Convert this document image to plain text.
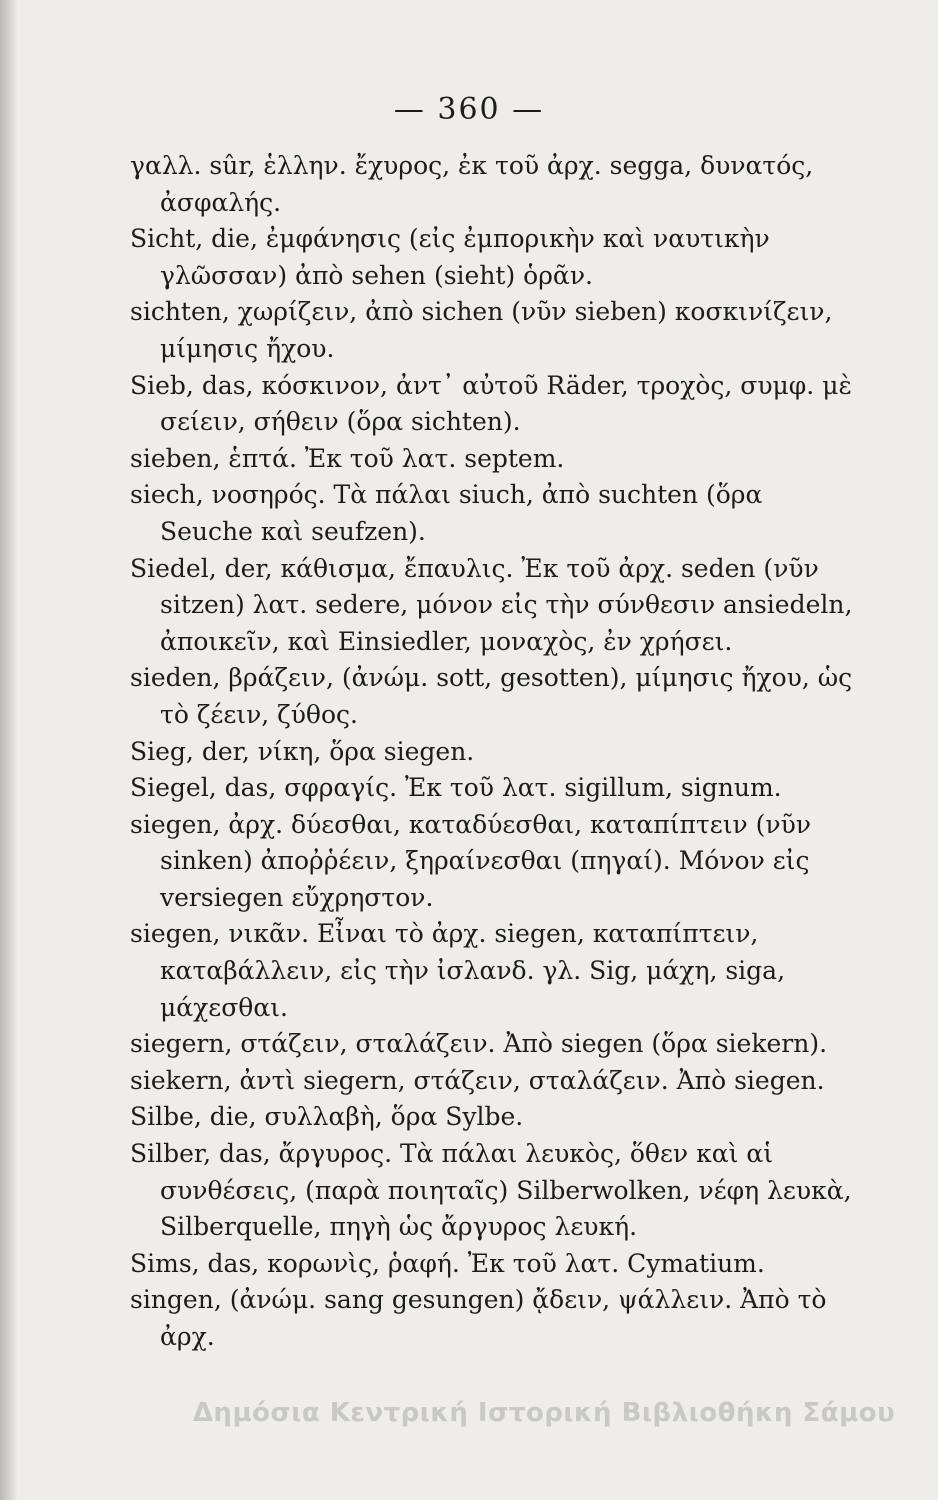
— 360 —

γαλλ. sûr, ἑλλην. ἔχυρος, ἐκ τοῦ ἀρχ. segga, δυνατός, ἀσφαλής.

Sicht, die, ἐμφάνησις (εἰς ἐμπορικὴν καὶ ναυτικὴν γλῶσσαν) ἀπὸ sehen (sieht) ὁρᾶν.

sichten, χωρίζειν, ἀπὸ sichen (νῦν sieben) κοσκινίζειν, μίμησις ἤχου.

Sieb, das, κόσκινον, ἀντ᾽ αὐτοῦ Räder, τροχὸς, συμφ. μὲ σείειν, σήθειν (ὅρα sichten).

sieben, ἑπτά. Ἐκ τοῦ λατ. septem.

siech, νοσηρός. Τὰ πάλαι siuch, ἀπὸ suchten (ὅρα Seuche καὶ seufzen).

Siedel, der, κάθισμα, ἔπαυλις. Ἐκ τοῦ ἀρχ. seden (νῦν sitzen) λατ. sedere, μόνον εἰς τὴν σύνθεσιν ansiedeln, ἀποικεῖν, καὶ Einsiedler, μοναχὸς, ἐν χρήσει.

sieden, βράζειν, (ἀνώμ. sott, gesotten), μίμησις ἤχου, ὡς τὸ ζέειν, ζύθος.

Sieg, der, νίκη, ὅρα siegen.

Siegel, das, σφραγίς. Ἐκ τοῦ λατ. sigillum, signum.

siegen, ἀρχ. δύεσθαι, καταδύεσθαι, καταπίπτειν (νῦν sinken) ἀποῤῥέειν, ξηραίνεσθαι (πηγαί). Μόνον εἰς versiegen εὔχρηστον.

siegen, νικᾶν. Εἶναι τὸ ἀρχ. siegen, καταπίπτειν, καταβάλλειν, εἰς τὴν ἰσλανδ. γλ. Sig, μάχη, siga, μάχεσθαι.

siegern, στάζειν, σταλάζειν. Ἀπὸ siegen (ὅρα siekern).

siekern, ἀντὶ siegern, στάζειν, σταλάζειν. Ἀπὸ siegen.

Silbe, die, συλλαβὴ, ὅρα Sylbe.

Silber, das, ἄργυρος. Τὰ πάλαι λευκὸς, ὅθεν καὶ αἱ συνθέσεις, (παρὰ ποιηταῖς) Silberwolken, νέφη λευκὰ, Silberquelle, πηγὴ ὡς ἄργυρος λευκή.

Sims, das, κορωνὶς, ῥαφή. Ἐκ τοῦ λατ. Cymatium.

singen, (ἀνώμ. sang gesungen) ᾄδειν, ψάλλειν. Ἀπὸ τὸ ἀρχ.

Δημόσια Κεντρική Ιστορική Βιβλιοθήκη Σάμου
